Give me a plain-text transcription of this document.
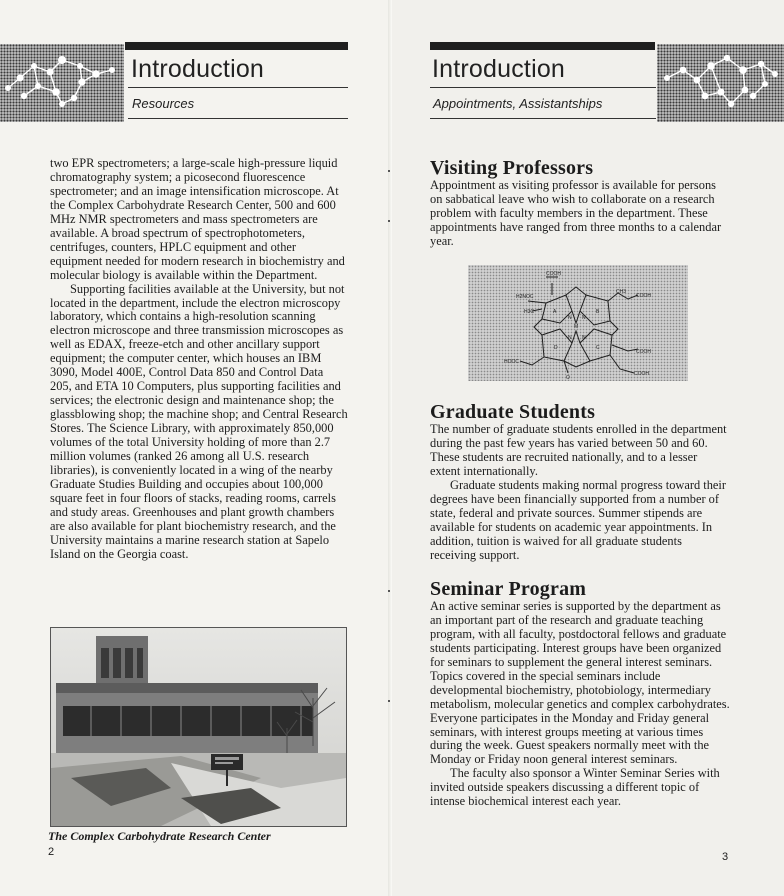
Introduction
Resources

two EPR spectrometers; a large-scale high-pressure liquid chromatography system; a picosecond fluorescence spectrometer; and an image intensification microscope. At the Complex Carbohydrate Research Center, 500 and 600 MHz NMR spectrometers and mass spectrometers are available. A broad spectrum of spectrophotometers, centrifuges, counters, HPLC equipment and other equipment needed for modern research in biochemistry and molecular biology is available within the Department.

Supporting facilities available at the University, but not located in the department, include the electron microscopy laboratory, which contains a high-resolution scanning electron microscope and three transmission microscopes as well as EDAX, freeze-etch and other ancillary support equipment; the computer center, which houses an IBM 3090, Model 400E, Control Data 850 and Control Data 205, and ETA 10 Computers, plus supporting facilities and services; the electronic design and maintenance shop; the glassblowing shop; the machine shop; and Central Research Stores. The Science Library, with approximately 850,000 volumes of the total University holding of more than 2.7 million volumes (ranked 26 among all U.S. research libraries), is conveniently located in a wing of the nearby Graduate Studies Building and occupies about 100,000 square feet in four floors of stacks, reading rooms, carrels and study areas. Greenhouses and plant growth chambers are also available for plant biochemistry research, and the University maintains a marine research station at Sapelo Island on the Georgia coast.

The Complex Carbohydrate Research Center
2
Introduction
Appointments, Assistantships
3
Visiting Professors

Appointment as visiting professor is available for persons on sabbatical leave who wish to collaborate on a research problem with faculty members in the department. These appointments have ranged from three months to a calendar year.

COOH
H2NOC
H3C
CH3
COOH
A	B
N N
M
N N
D	C
COOH
HOOC
COOH
O
Graduate Students

The number of graduate students enrolled in the department during the past few years has varied between 50 and 60. These students are recruited nationally, and to a lesser extent internationally.

Graduate students making normal progress toward their degrees have been financially supported from a number of state, federal and private sources. Summer stipends are available for students on academic year appointments. In addition, tuition is waived for all graduate students receiving support.

Seminar Program

An active seminar series is supported by the department as an important part of the research and graduate teaching program, with all faculty, postdoctoral fellows and graduate students participating. Interest groups have been organized for seminars to supplement the general interest seminars. Topics covered in the special seminars include developmental biochemistry, photobiology, intermediary metabolism, molecular genetics and complex carbohydrates. Everyone participates in the Monday and Friday general seminars, with interest groups meeting at various times during the week. Guest speakers normally meet with the Monday or Friday noon general interest seminars.

The faculty also sponsor a Winter Seminar Series with invited outside speakers discussing a different topic of intense biochemical interest each year.
